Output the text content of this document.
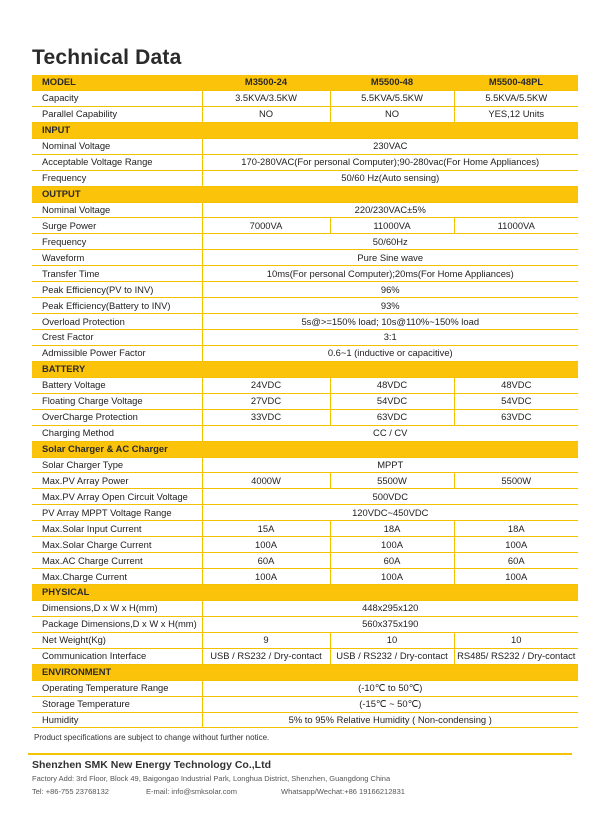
Technical Data
MODEL	M3500-24	M5500-48	M5500-48PL
Capacity	3.5KVA/3.5KW	5.5KVA/5.5KW	5.5KVA/5.5KW
Parallel Capability	NO	NO	YES,12 Units
INPUT			
Nominal Voltage	230VAC		
Acceptable Voltage Range	170-280VAC(For personal Computer);90-280vac(For Home Appliances)		
Frequency	50/60 Hz(Auto sensing)		
OUTPUT			
Nominal Voltage	220/230VAC±5%		
Surge Power	7000VA	11000VA	11000VA
Frequency	50/60Hz		
Waveform	Pure Sine wave		
Transfer Time	10ms(For personal Computer);20ms(For Home Appliances)		
Peak Efficiency(PV to INV)	96%		
Peak Efficiency(Battery to INV)	93%		
Overload Protection	5s@>=150% load; 10s@110%~150% load		
Crest Factor	3:1		
Admissible Power Factor	0.6~1 (inductive or capacitive)		
BATTERY			
Battery Voltage	24VDC	48VDC	48VDC
Floating Charge Voltage	27VDC	54VDC	54VDC
OverCharge Protection	33VDC	63VDC	63VDC
Charging Method	CC / CV		
Solar Charger & AC Charger			
Solar Charger Type	MPPT		
Max.PV Array Power	4000W	5500W	5500W
Max.PV Array Open Circuit Voltage	500VDC		
PV Array MPPT Voltage Range	120VDC~450VDC		
Max.Solar Input Current	15A	18A	18A
Max.Solar Charge Current	100A	100A	100A
Max.AC Charge Current	60A	60A	60A
Max.Charge Current	100A	100A	100A
PHYSICAL			
Dimensions,D x W x H(mm)	448x295x120		
Package Dimensions,D x W x H(mm)	560x375x190		
Net Weight(Kg)	9	10	10
Communication Interface	USB / RS232 / Dry-contact	USB / RS232 / Dry-contact	RS485/ RS232 / Dry-contact
ENVIRONMENT			
Operating Temperature Range	(-10℃ to 50℃)		
Storage Temperature	(-15℃ ~ 50℃)		
Humidity	5% to 95% Relative Humidity ( Non-condensing )		
Product specifications are subject to change without further notice.
Shenzhen SMK New Energy Technology Co.,Ltd
Factory Add: 3rd Floor, Block 49, Baigongao Industrial Park, Longhua District, Shenzhen, Guangdong China
Tel: +86-755 23768132	E-mail: info@smksolar.com	Whatsapp/Wechat:+86 19166212831
